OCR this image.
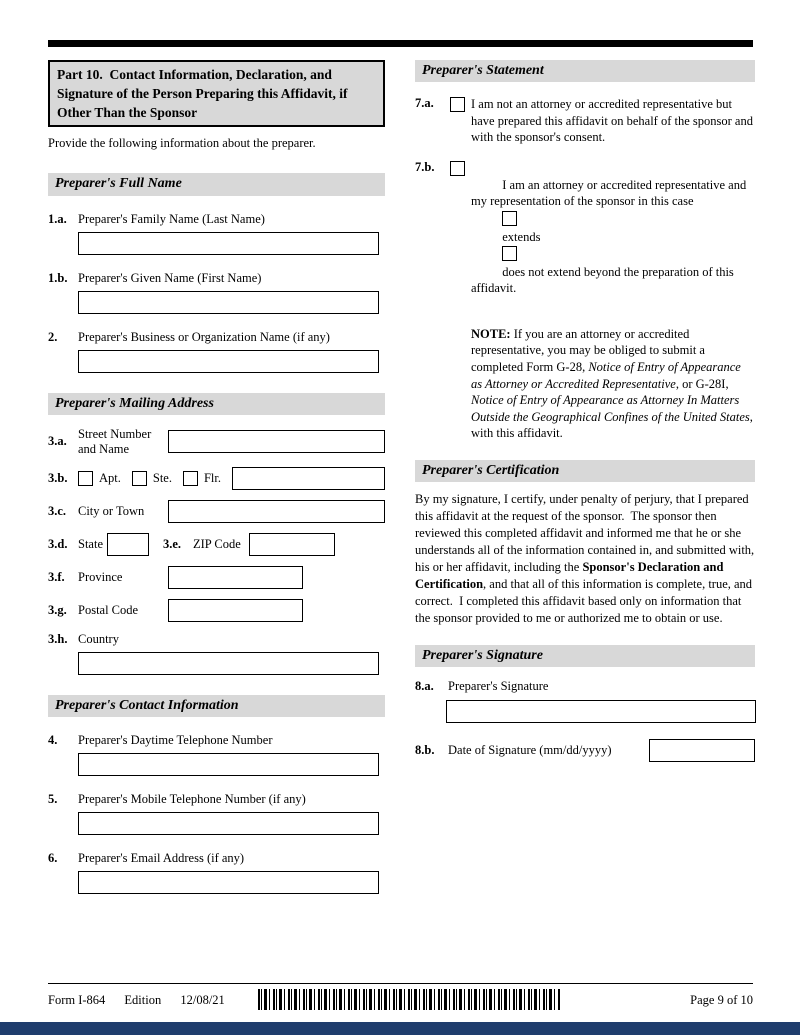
Part 10.  Contact Information, Declaration, and Signature of the Person Preparing this Affidavit, if Other Than the Sponsor

Provide the following information about the preparer.

Preparer's Full Name
1.a. Preparer's Family Name (Last Name)
1.b. Preparer's Given Name (First Name)
2.	Preparer's Business or Organization Name (if any)
Preparer's Mailing Address
3.a.
Street Number and Name
3.b.	Apt.	Ste.	Flr.
3.c. City or Town
3.d. State	3.e. ZIP Code
3.f.	Province
3.g. Postal Code
3.h. Country
Preparer's Contact Information
4.	Preparer's Daytime Telephone Number
5.	Preparer's Mobile Telephone Number (if any)
6.	Preparer's Email Address (if any)
Preparer's Statement
7.a.	I am not an attorney or accredited representative but have prepared this affidavit on behalf of the sponsor and with the sponsor's consent.

7.b.

I am an attorney or accredited representative and my representation of the sponsor in this case

extends

does not extend beyond the preparation of this affidavit.

NOTE: If you are an attorney or accredited representative, you may be obliged to submit a completed Form G-28, Notice of Entry of Appearance as Attorney or Accredited Representative, or G-28I, Notice of Entry of Appearance as Attorney In Matters Outside the Geographical Confines of the United States, with this affidavit.
Preparer's Certification

By my signature, I certify, under penalty of perjury, that I prepared this affidavit at the request of the sponsor.  The sponsor then reviewed this completed affidavit and informed me that he or she understands all of the information contained in, and submitted with, his or her affidavit, including the Sponsor's Declaration and Certification, and that all of this information is complete, true, and correct.  I completed this affidavit based only on information that the sponsor provided to me or authorized me to obtain or use.

Preparer's Signature
8.a.	Preparer's Signature
8.b.	Date of Signature (mm/dd/yyyy)
Form I-864 Edition 12/08/21	Page 9 of 10
